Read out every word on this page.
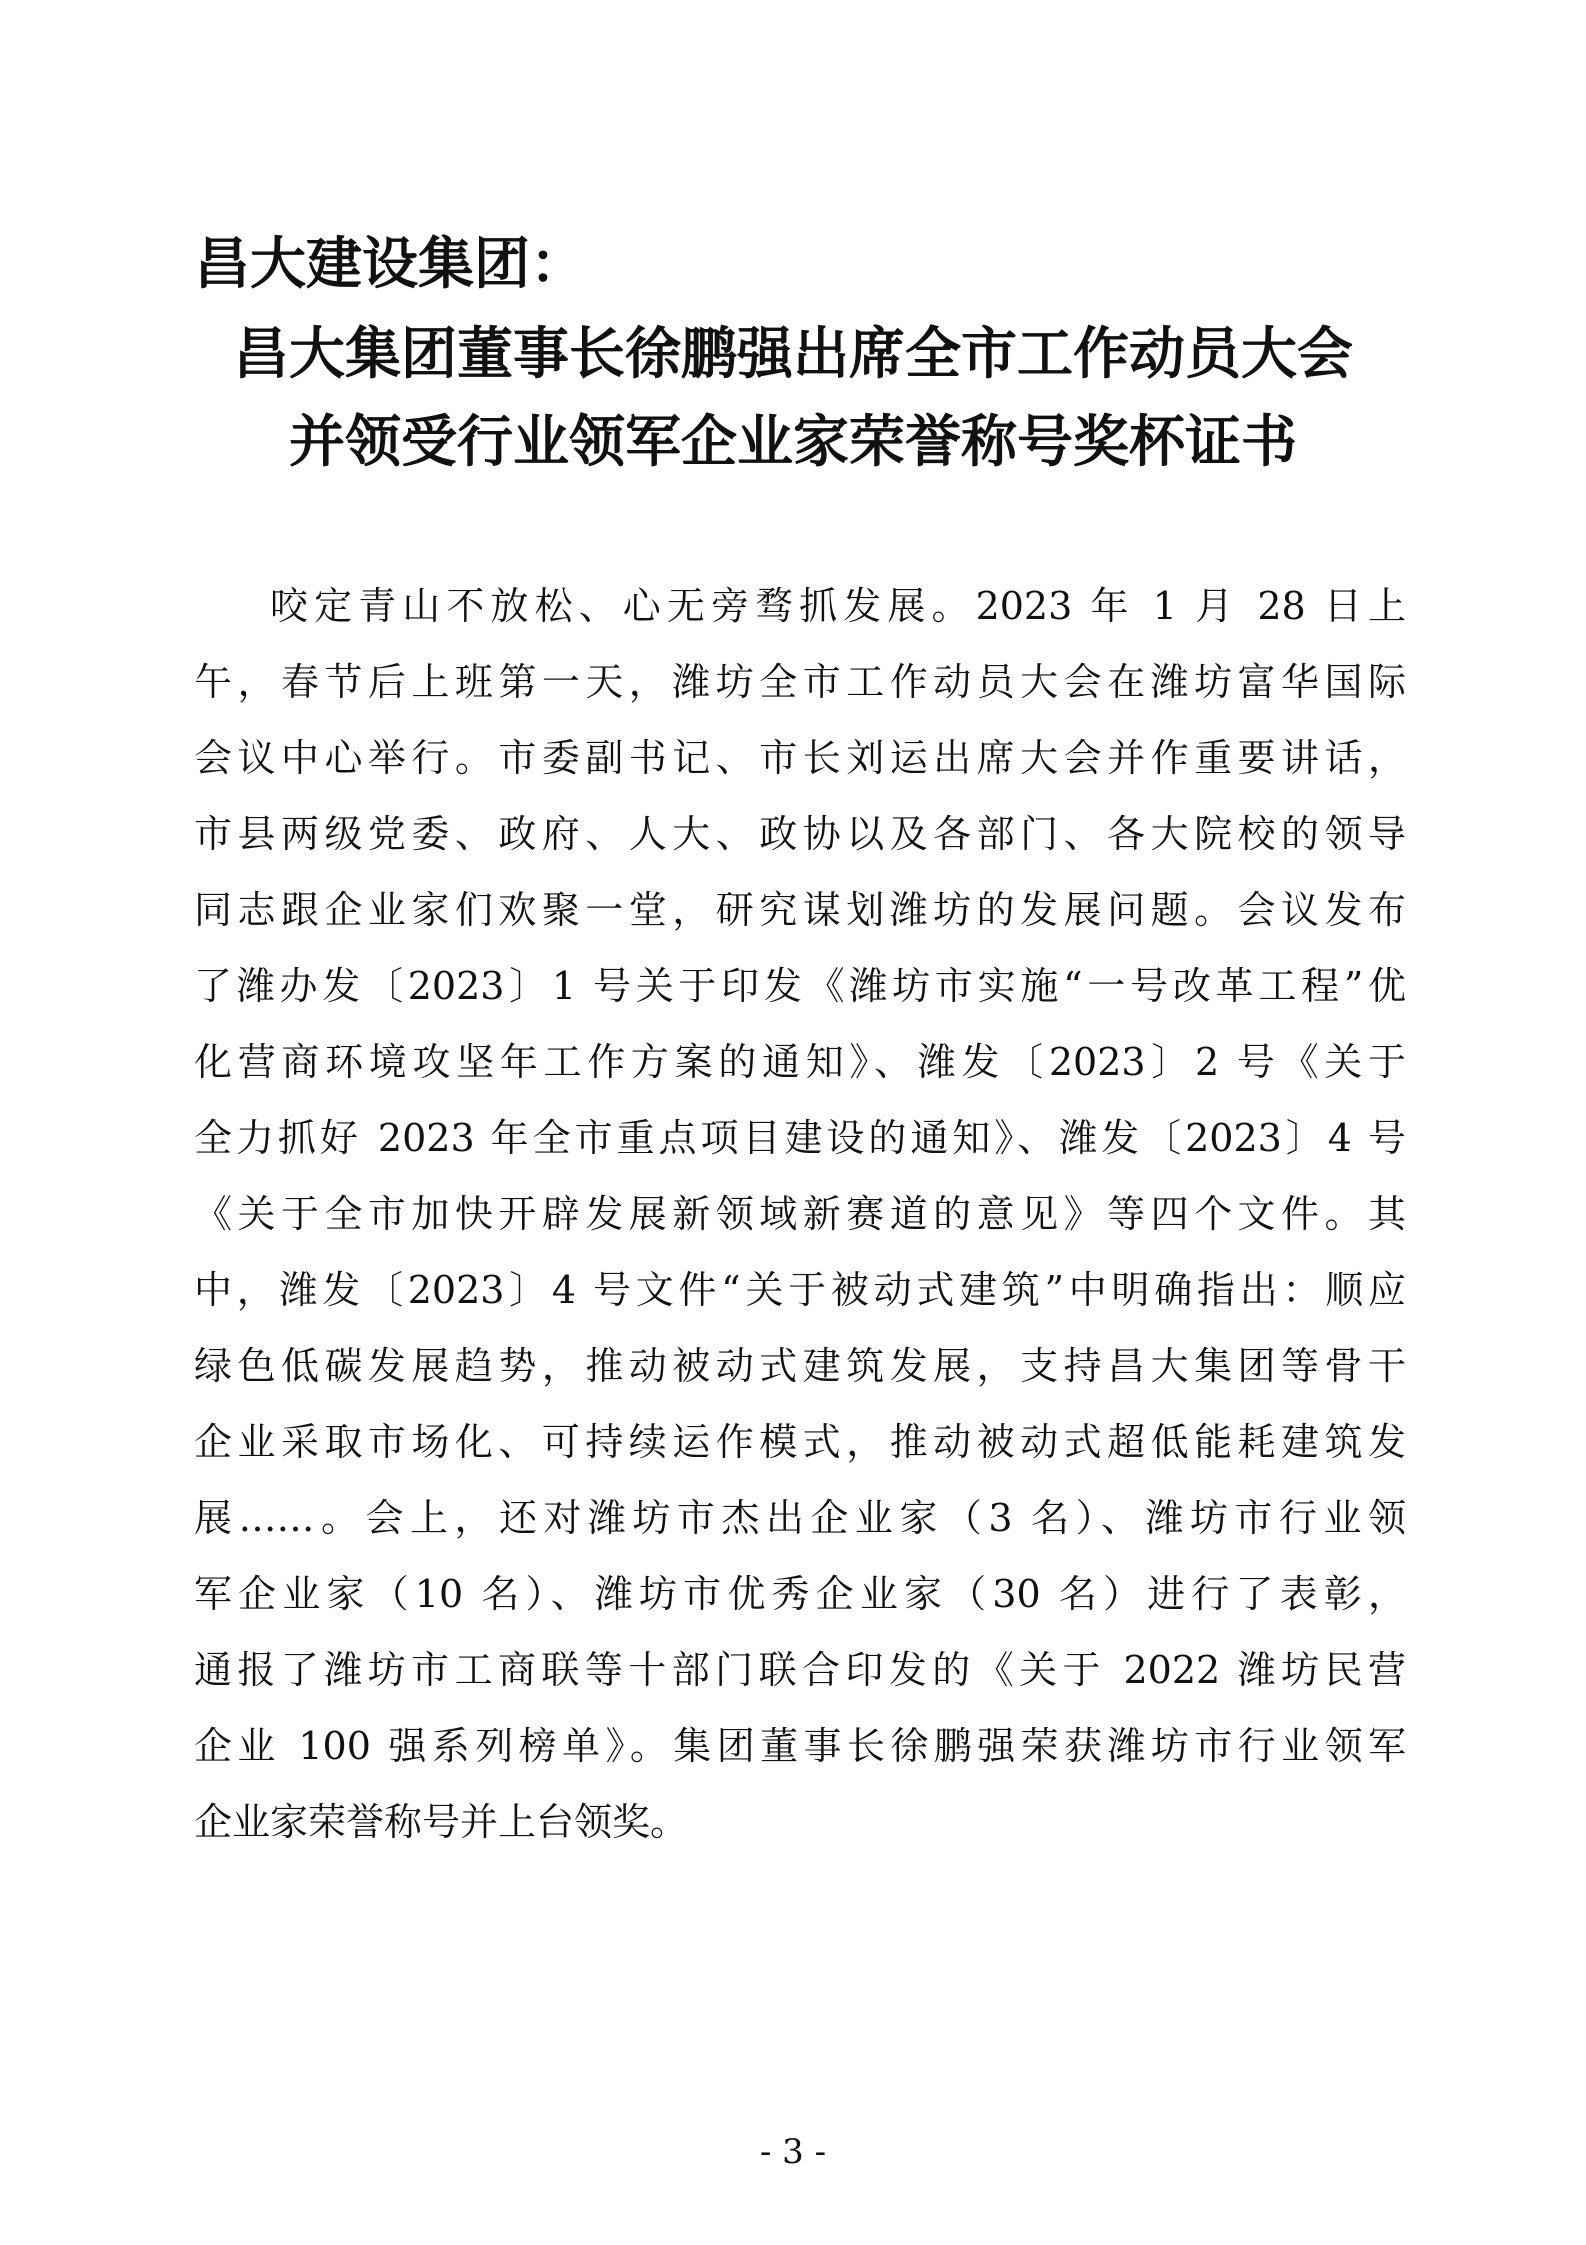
昌大建设集团：
昌大集团董事长徐鹏强出席全市工作动员大会
并领受行业领军企业家荣誉称号奖杯证书
咬定青山不放松、心无旁骛抓发展。2023 年 1 月 28 日上
午，春节后上班第一天，潍坊全市工作动员大会在潍坊富华国际
会议中心举行。市委副书记、市长刘运出席大会并作重要讲话，
市县两级党委、政府、人大、政协以及各部门、各大院校的领导
同志跟企业家们欢聚一堂，研究谋划潍坊的发展问题。会议发布
了潍办发〔2023〕1 号关于印发《潍坊市实施“一号改革工程”优
化营商环境攻坚年工作方案的通知》、潍发〔2023〕2 号《关于
全力抓好 2023 年全市重点项目建设的通知》、潍发〔2023〕4 号
《关于全市加快开辟发展新领域新赛道的意见》等四个文件。其
中，潍发〔2023〕4 号文件“关于被动式建筑”中明确指出：顺应
绿色低碳发展趋势，推动被动式建筑发展，支持昌大集团等骨干
企业采取市场化、可持续运作模式，推动被动式超低能耗建筑发
展……。会上，还对潍坊市杰出企业家（3 名）、潍坊市行业领
军企业家（10 名）、潍坊市优秀企业家（30 名）进行了表彰，
通报了潍坊市工商联等十部门联合印发的《关于 2022 潍坊民营
企业 100 强系列榜单》。集团董事长徐鹏强荣获潍坊市行业领军
企业家荣誉称号并上台领奖。
- 3 -
